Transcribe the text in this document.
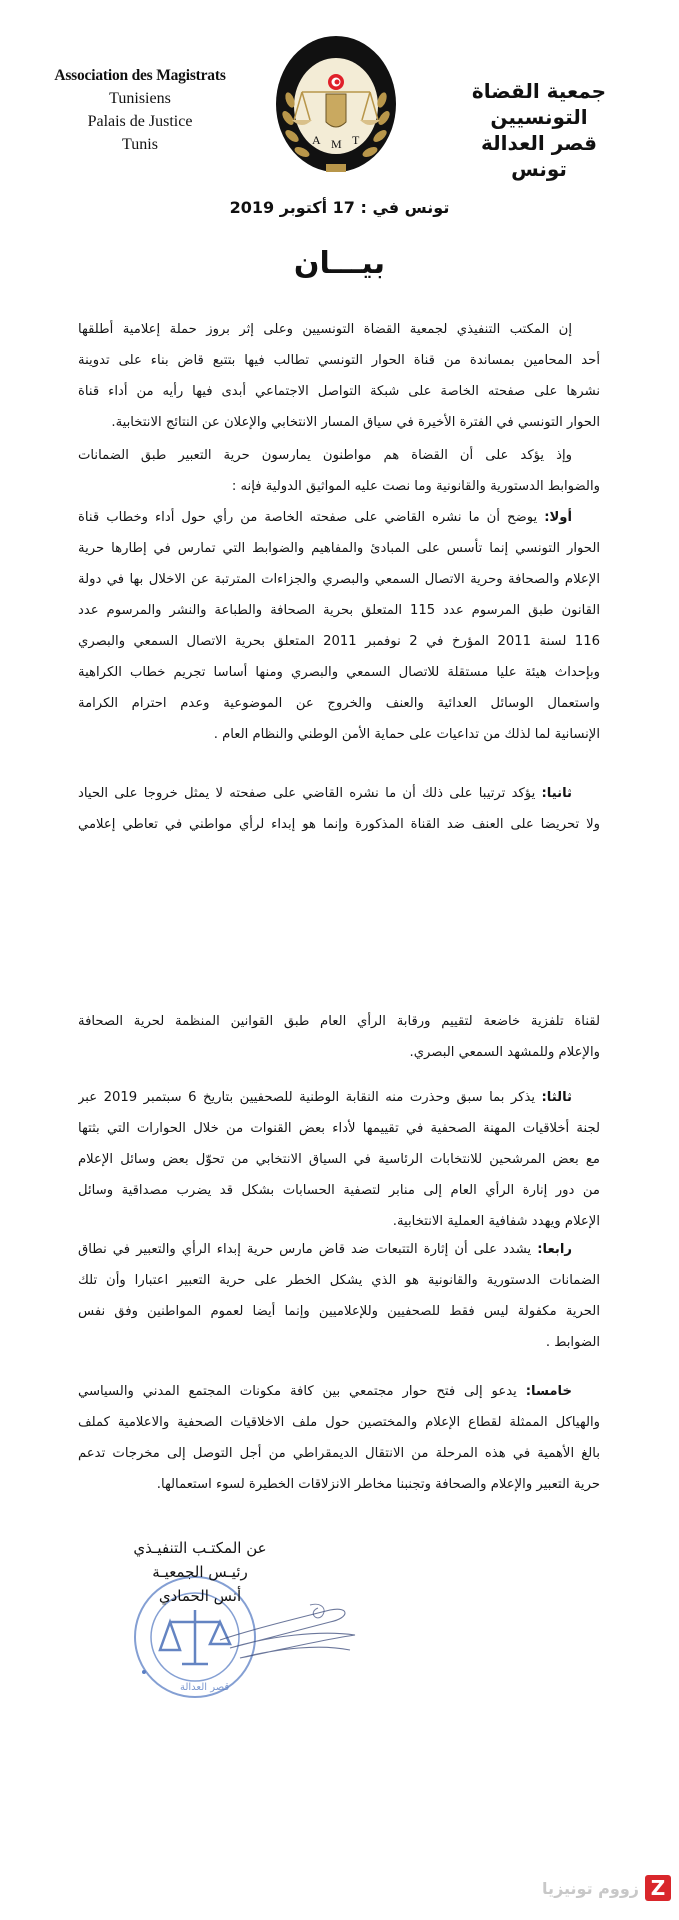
Association des Magistrats
Tunisiens
Palais de Justice
Tunis	A M T
جمعية القضاة التونسيين
قصر العدالة
تونس
تونس في : 17 أكتوبر 2019
بيـــان
إن المكتب التنفيذي لجمعية القضاة التونسيين وعلى إثر بروز حملة إعلامية أطلقها
أحد المحامين بمساندة من قناة الحوار التونسي تطالب فيها بتتبع قاض بناء على تدوينة
نشرها على صفحته الخاصة على شبكة التواصل الاجتماعي أبدى فيها رأيه من أداء قناة
الحوار التونسي في الفترة الأخيرة في سياق المسار الانتخابي والإعلان عن النتائج الانتخابية.
وإذ يؤكد على أن القضاة هم مواطنون يمارسون حرية التعبير طبق الضمانات
والضوابط الدستورية والقانونية وما نصت عليه المواثيق الدولية فإنه :
أولا: يوضح أن ما نشره القاضي على صفحته الخاصة من رأي حول أداء وخطاب قناة
الحوار التونسي إنما تأسس على المبادئ والمفاهيم والضوابط التي تمارس في إطارها حرية
الإعلام والصحافة وحرية الاتصال السمعي والبصري والجزاءات المترتبة عن الاخلال بها في دولة
القانون طبق المرسوم عدد 115 المتعلق بحرية الصحافة والطباعة والنشر والمرسوم عدد
116 لسنة 2011 المؤرخ في 2 نوفمبر 2011 المتعلق بحرية الاتصال السمعي والبصري
وبإحداث هيئة عليا مستقلة للاتصال السمعي والبصري ومنها أساسا تجريم خطاب الكراهية
واستعمال الوسائل العدائية والعنف والخروج عن الموضوعية وعدم احترام الكرامة
الإنسانية لما لذلك من تداعيات على حماية الأمن الوطني والنظام العام .
ثانيا: يؤكد ترتيبا على ذلك أن ما نشره القاضي على صفحته لا يمثل خروجا على الحياد
ولا تحريضا على العنف ضد القناة المذكورة وإنما هو إبداء لرأي مواطني في تعاطي إعلامي
لقناة تلفزية خاضعة لتقييم ورقابة الرأي العام طبق القوانين المنظمة لحرية الصحافة
والإعلام وللمشهد السمعي البصري.
ثالثا: يذكر بما سبق وحذرت منه النقابة الوطنية للصحفيين بتاريخ 6 سبتمبر 2019 عبر
لجنة أخلاقيات المهنة الصحفية في تقييمها لأداء بعض القنوات من خلال الحوارات التي بثتها
مع بعض المرشحين للانتخابات الرئاسية في السياق الانتخابي من تحوّل بعض وسائل الإعلام
من دور إنارة الرأي العام إلى منابر لتصفية الحسابات بشكل قد يضرب مصداقية وسائل
الإعلام ويهدد شفافية العملية الانتخابية.
رابعا: يشدد على أن إثارة التتبعات ضد قاض مارس حرية إبداء الرأي والتعبير في نطاق
الضمانات الدستورية والقانونية هو الذي يشكل الخطر على حرية التعبير اعتبارا وأن تلك
الحرية مكفولة ليس فقط للصحفيين وللإعلاميين وإنما أيضا لعموم المواطنين وفق نفس
الضوابط .
خامسا: يدعو إلى فتح حوار مجتمعي بين كافة مكونات المجتمع المدني والسياسي
والهياكل الممثلة لقطاع الإعلام والمختصين حول ملف الاخلاقيات الصحفية والاعلامية كملف
بالغ الأهمية في هذه المرحلة من الانتقال الديمقراطي من أجل التوصل إلى مخرجات تدعم
حرية التعبير والإعلام والصحافة وتجنبنا مخاطر الانزلاقات الخطيرة لسوء استعمالها.
قصر العدالة
عن المكتـب التنفيـذي
رئيـس الجمعيـة
أنس الحمادي
زووم تونيزيا Z
